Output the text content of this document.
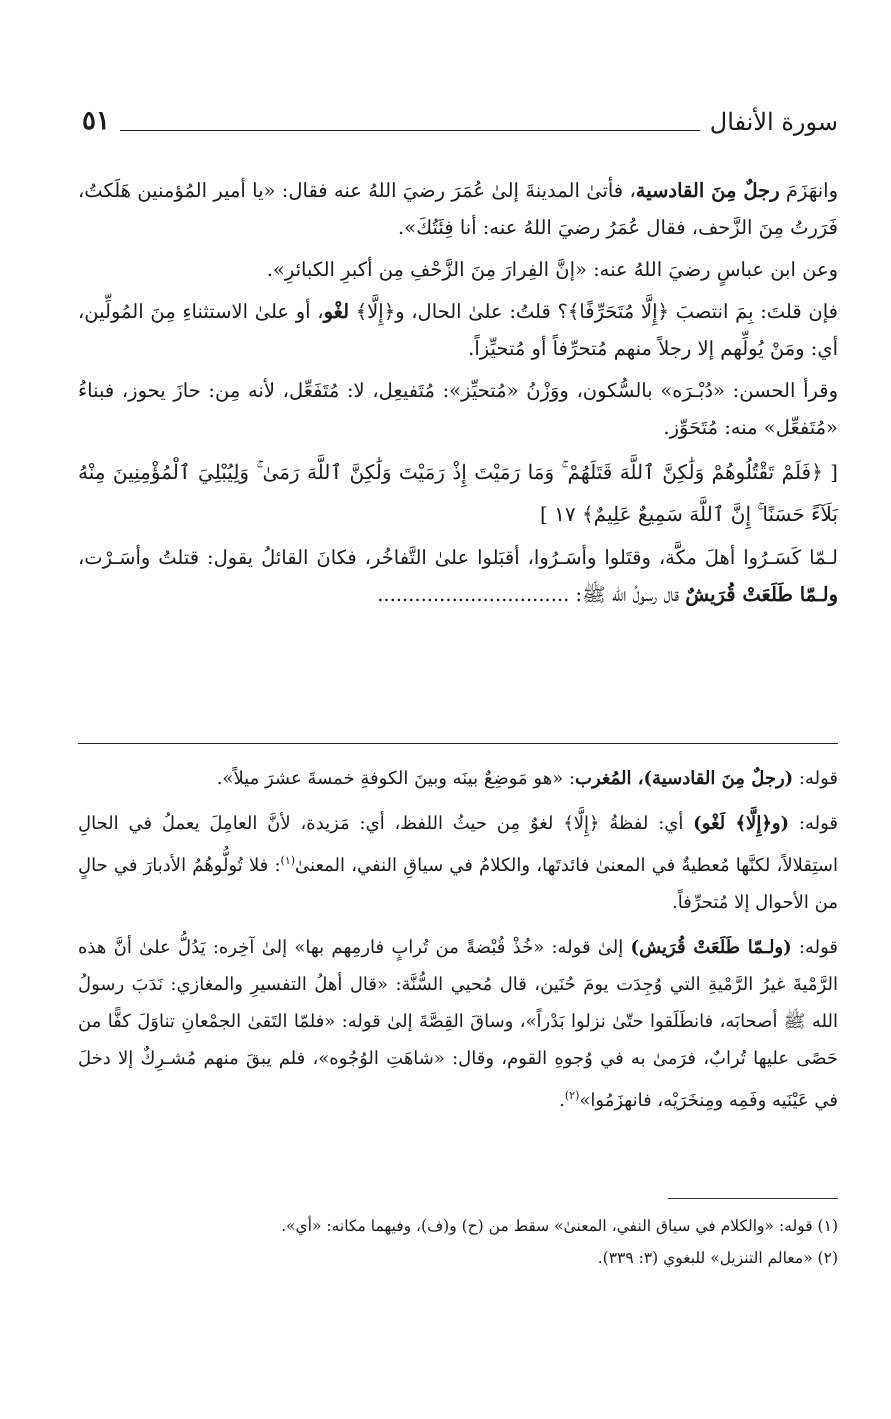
سورة الأنفال
٥١

وانهَزَمَ رجلٌ مِنَ القادسية، فأتىٰ المدينةَ إلىٰ عُمَرَ رضيَ اللهُ عنه فقال: «يا أمير المُؤمنين هَلَكتُ، فَرَرتُ مِنَ الزَّحف، فقال عُمَرُ رضيَ اللهُ عنه: أنا فِئَتُكَ».

وعن ابن عباسٍ رضيَ اللهُ عنه: «إنَّ الفِرارَ مِنَ الزَّحْفِ مِن أكبرِ الكبائرِ».

فإن قلتَ: بِمَ انتصبَ ﴿إِلَّا مُتَحَرِّفًا﴾؟ قلتُ: علىٰ الحال، و﴿إِلَّا﴾ لغْو، أو علىٰ الاستثناءِ مِنَ المُولِّين، أي: ومَنْ يُولِّهم إلا رجلاً منهم مُتحرِّفاً أو مُتحيِّزاً.

وقرأ الحسن: «دُبْـرَه» بالسُّكون، ووَزْنُ «مُتحيِّز»: مُتَفيعِل، لا: مُتَفَعِّل، لأنه مِن: حازَ يحوز، فبناءُ «مُتَفعِّل» منه: مُتَحَوِّز.

[ ﴿فَلَمْ تَقْتُلُوهُمْ وَلَٰكِنَّ ٱللَّهَ قَتَلَهُمْ ۚ وَمَا رَمَيْتَ إِذْ رَمَيْتَ وَلَٰكِنَّ ٱللَّهَ رَمَىٰ ۚ وَلِيُبْلِيَ ٱلْمُؤْمِنِينَ مِنْهُ بَلَآءً حَسَنًا ۚ إِنَّ ٱللَّهَ سَمِيعٌ عَلِيمٌ﴾ ١٧ ]

لـمّا كَسَـرُوا أهلَ مكَّة، وقتَلوا وأسَـرُوا، أقبَلوا علىٰ التَّفاخُر، فكانَ القائلُ يقول: قتلتُ وأسَـرْت، ولـمّا طَلَعَتْ قُرَيشٌ قال رسولُ الله ﷺ: ...............................

قوله: (رجلٌ مِنَ القادسية)، المُغرب: «هو مَوضِعٌ بينَه وبينَ الكوفةِ خمسةَ عشرَ ميلاً».

قوله: (و﴿إِلَّا﴾ لَغْو) أي: لفظةُ ﴿إِلَّا﴾ لغوٌ مِن حيثُ اللفظ، أي: مَزيدة، لأنَّ العامِلَ يعملُ في الحالِ استِقلالاً، لكنَّها مُعطيةٌ في المعنىٰ فائدتَها، والكلامُ في سياقِ النفي، المعنىٰ$^{(١)}$: فلا تُولُّوهُمُ الأدبارَ في حالٍ من الأحوال إلا مُتحرِّفاً.

قوله: (ولـمّا طَلَعَتْ قُرَيش) إلىٰ قوله: «خُذْ قُبْضةً من تُرابٍ فارمِهم بها» إلىٰ آخِره: يَدُلُّ علىٰ أنَّ هذه الرَّمْيةَ غيرُ الرَّمْيةِ التي وُجِدَت يومَ حُنَين، قال مُحيي السُّنَّة: «قال أهلُ التفسيرِ والمغازي: نَدَبَ رسولُ الله ﷺ أصحابَه، فانطَلَقوا حتّىٰ نزلوا بَدْراً»، وساقَ القِصَّةَ إلىٰ قوله: «فلمّا التَقىٰ الجمْعانِ تناوَلَ كفًّا من حَصًى عليها تُرابٌ، فرَمىٰ به في وُجوهِ القوم، وقال: «شاهَتِ الوُجُوه»، فلم يبقَ منهم مُشـرِكٌ إلا دخلَ في عَيْنَيه وفَمِه ومِنخَرَيْه، فانهزَمُوا»$^{(٢)}$.

(١) قوله: «والكلام في سياق النفي، المعنىٰ» سقط من (ح) و(ف)، وفيهما مكانه: «أي».

(٢) «معالم التنزيل» للبغوي (٣: ٣٣٩).
